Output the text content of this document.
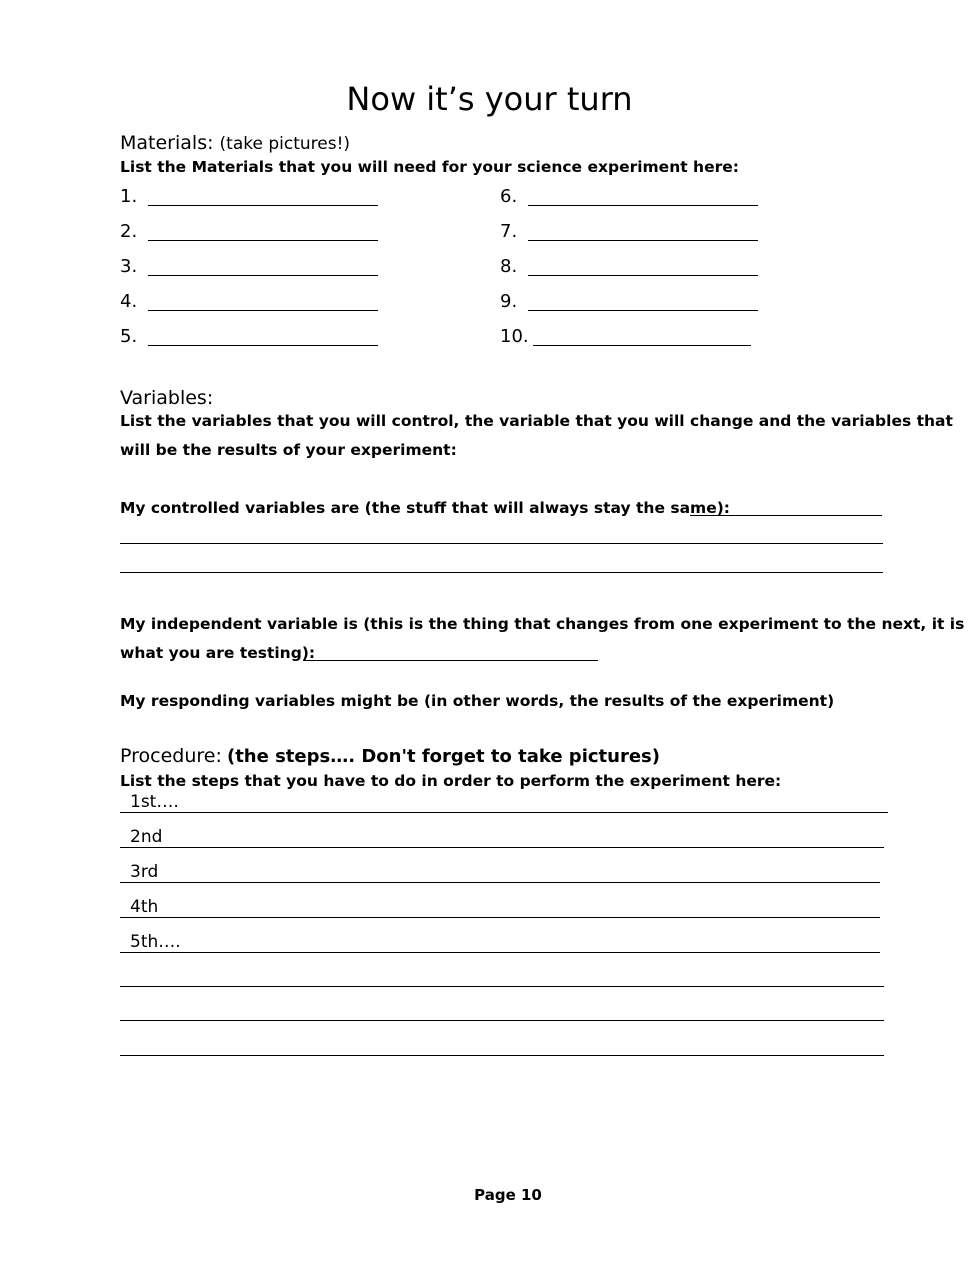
Now it’s your turn
Materials: (take pictures!)
List the Materials that you will need for your science experiment here:
1.
2.
3.
4.
5.
6.
7.
8.
9.
10.
Variables:
List the variables that you will control, the variable that you will change and the variables that
will be the results of your experiment:
My controlled variables are (the stuff that will always stay the same):
My independent variable is (this is the thing that changes from one experiment to the next, it is
what you are testing):
My responding variables might be (in other words, the results of the experiment)
Procedure: (the steps…. Don't forget to take pictures)
List the steps that you have to do in order to perform the experiment here:
1st….
2nd
3rd
4th
5th….
Page 10
